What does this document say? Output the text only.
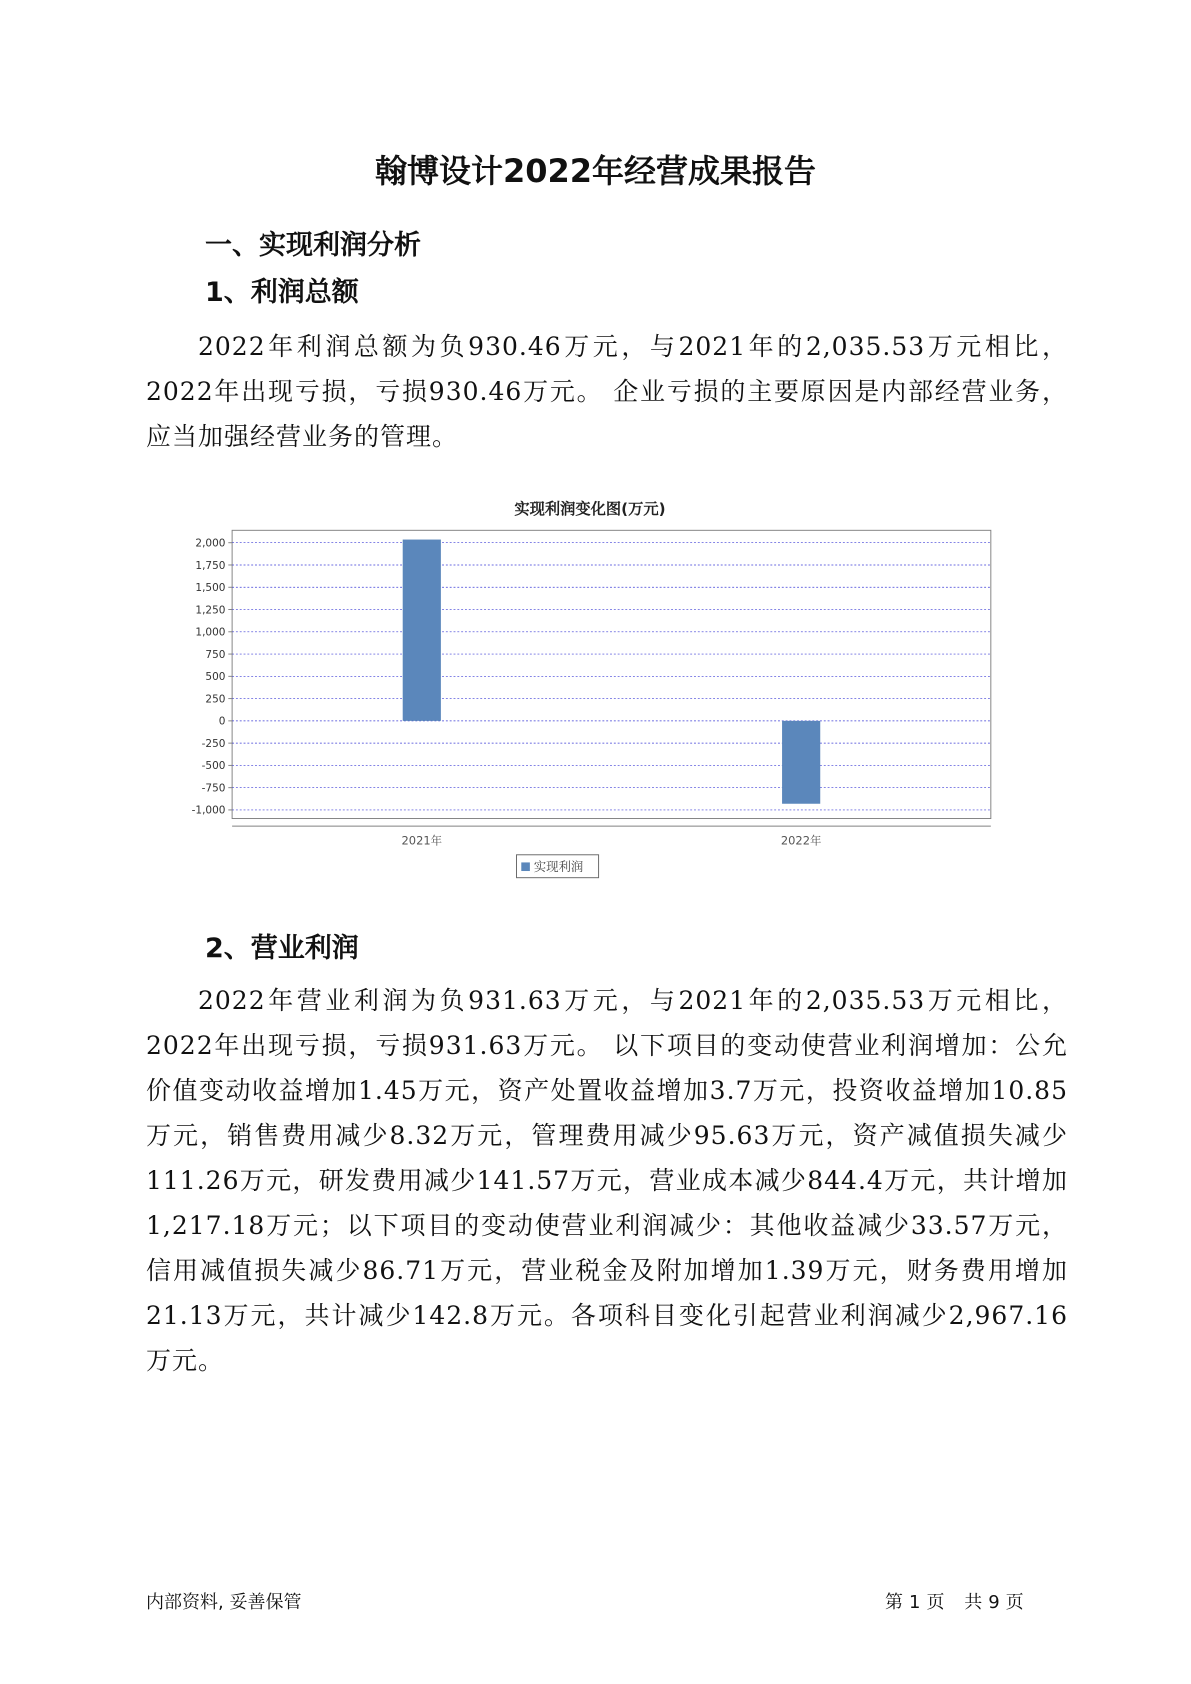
翰博设计2022年经营成果报告
一、实现利润分析
1、利润总额

2022年利润总额为负930.46万元，与2021年的2,035.53万元相比，2022年出现亏损，亏损930.46万元。 企业亏损的主要原因是内部经营业务，应当加强经营业务的管理。

实现利润变化图(万元)
2,000
1,750
1,500
1,250
1,000
750
500
250
0
-250
-500
-750
-1,000
2021年	2022年
实现利润
2、营业利润

2022年营业利润为负931.63万元，与2021年的2,035.53万元相比，2022年出现亏损，亏损931.63万元。 以下项目的变动使营业利润增加：公允价值变动收益增加1.45万元，资产处置收益增加3.7万元，投资收益增加10.85万元，销售费用减少8.32万元，管理费用减少95.63万元，资产减值损失减少111.26万元，研发费用减少141.57万元，营业成本减少844.4万元，共计增加1,217.18万元；以下项目的变动使营业利润减少：其他收益减少33.57万元，信用减值损失减少86.71万元，营业税金及附加增加1.39万元，财务费用增加21.13万元，共计减少142.8万元。各项科目变化引起营业利润减少2,967.16万元。

内部资料, 妥善保管	第 1 页 共 9 页
